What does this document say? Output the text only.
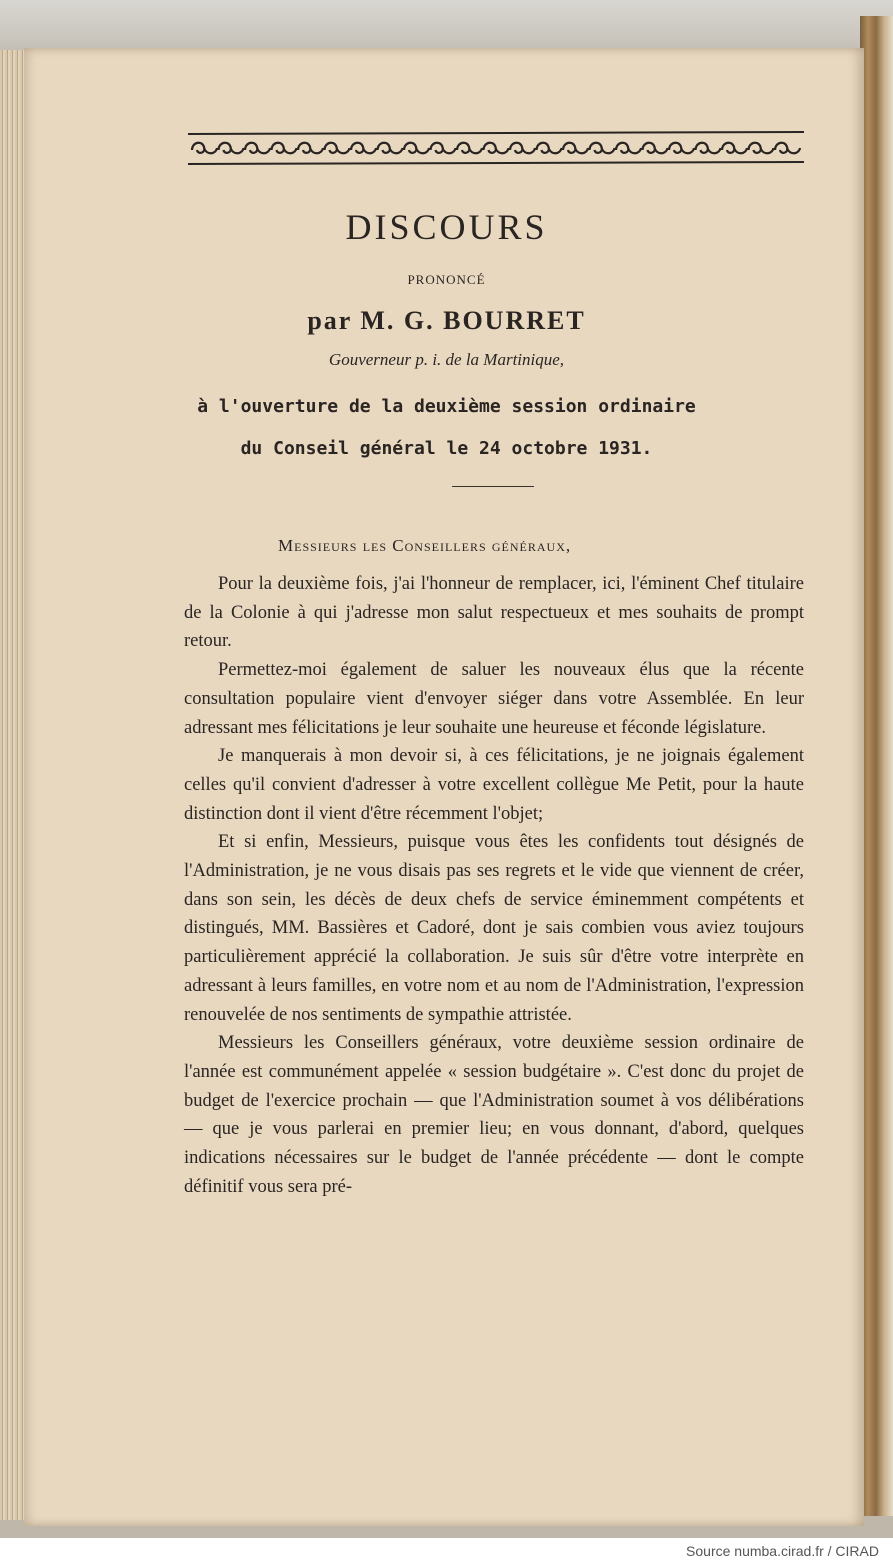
DISCOURS
PRONONCÉ
par M. G. BOURRET
Gouverneur p. i. de la Martinique,
à l'ouverture de la deuxième session ordinaire
du Conseil général le 24 octobre 1931.
Messieurs les Conseillers généraux,

Pour la deuxième fois, j'ai l'honneur de remplacer, ici, l'éminent Chef titulaire de la Colonie à qui j'adresse mon salut respectueux et mes souhaits de prompt retour.

Permettez-moi également de saluer les nouveaux élus que la récente consultation populaire vient d'envoyer siéger dans votre Assemblée. En leur adressant mes félicitations je leur souhaite une heureuse et féconde législature.

Je manquerais à mon devoir si, à ces félicitations, je ne joignais également celles qu'il convient d'adresser à votre excellent collègue Me Petit, pour la haute distinction dont il vient d'être récemment l'objet;

Et si enfin, Messieurs, puisque vous êtes les confidents tout désignés de l'Administration, je ne vous disais pas ses regrets et le vide que viennent de créer, dans son sein, les décès de deux chefs de service éminemment compétents et distingués, MM. Bassières et Cadoré, dont je sais combien vous aviez toujours particulièrement apprécié la collaboration. Je suis sûr d'être votre interprète en adressant à leurs familles, en votre nom et au nom de l'Administration, l'expression renouvelée de nos sentiments de sympathie attristée.

Messieurs les Conseillers généraux, votre deuxième session ordinaire de l'année est communément appelée « session budgétaire ». C'est donc du projet de budget de l'exercice prochain — que l'Administration soumet à vos délibérations — que je vous parlerai en premier lieu; en vous donnant, d'abord, quelques indications nécessaires sur le budget de l'année précédente — dont le compte définitif vous sera pré-

Source numba.cirad.fr / CIRAD
